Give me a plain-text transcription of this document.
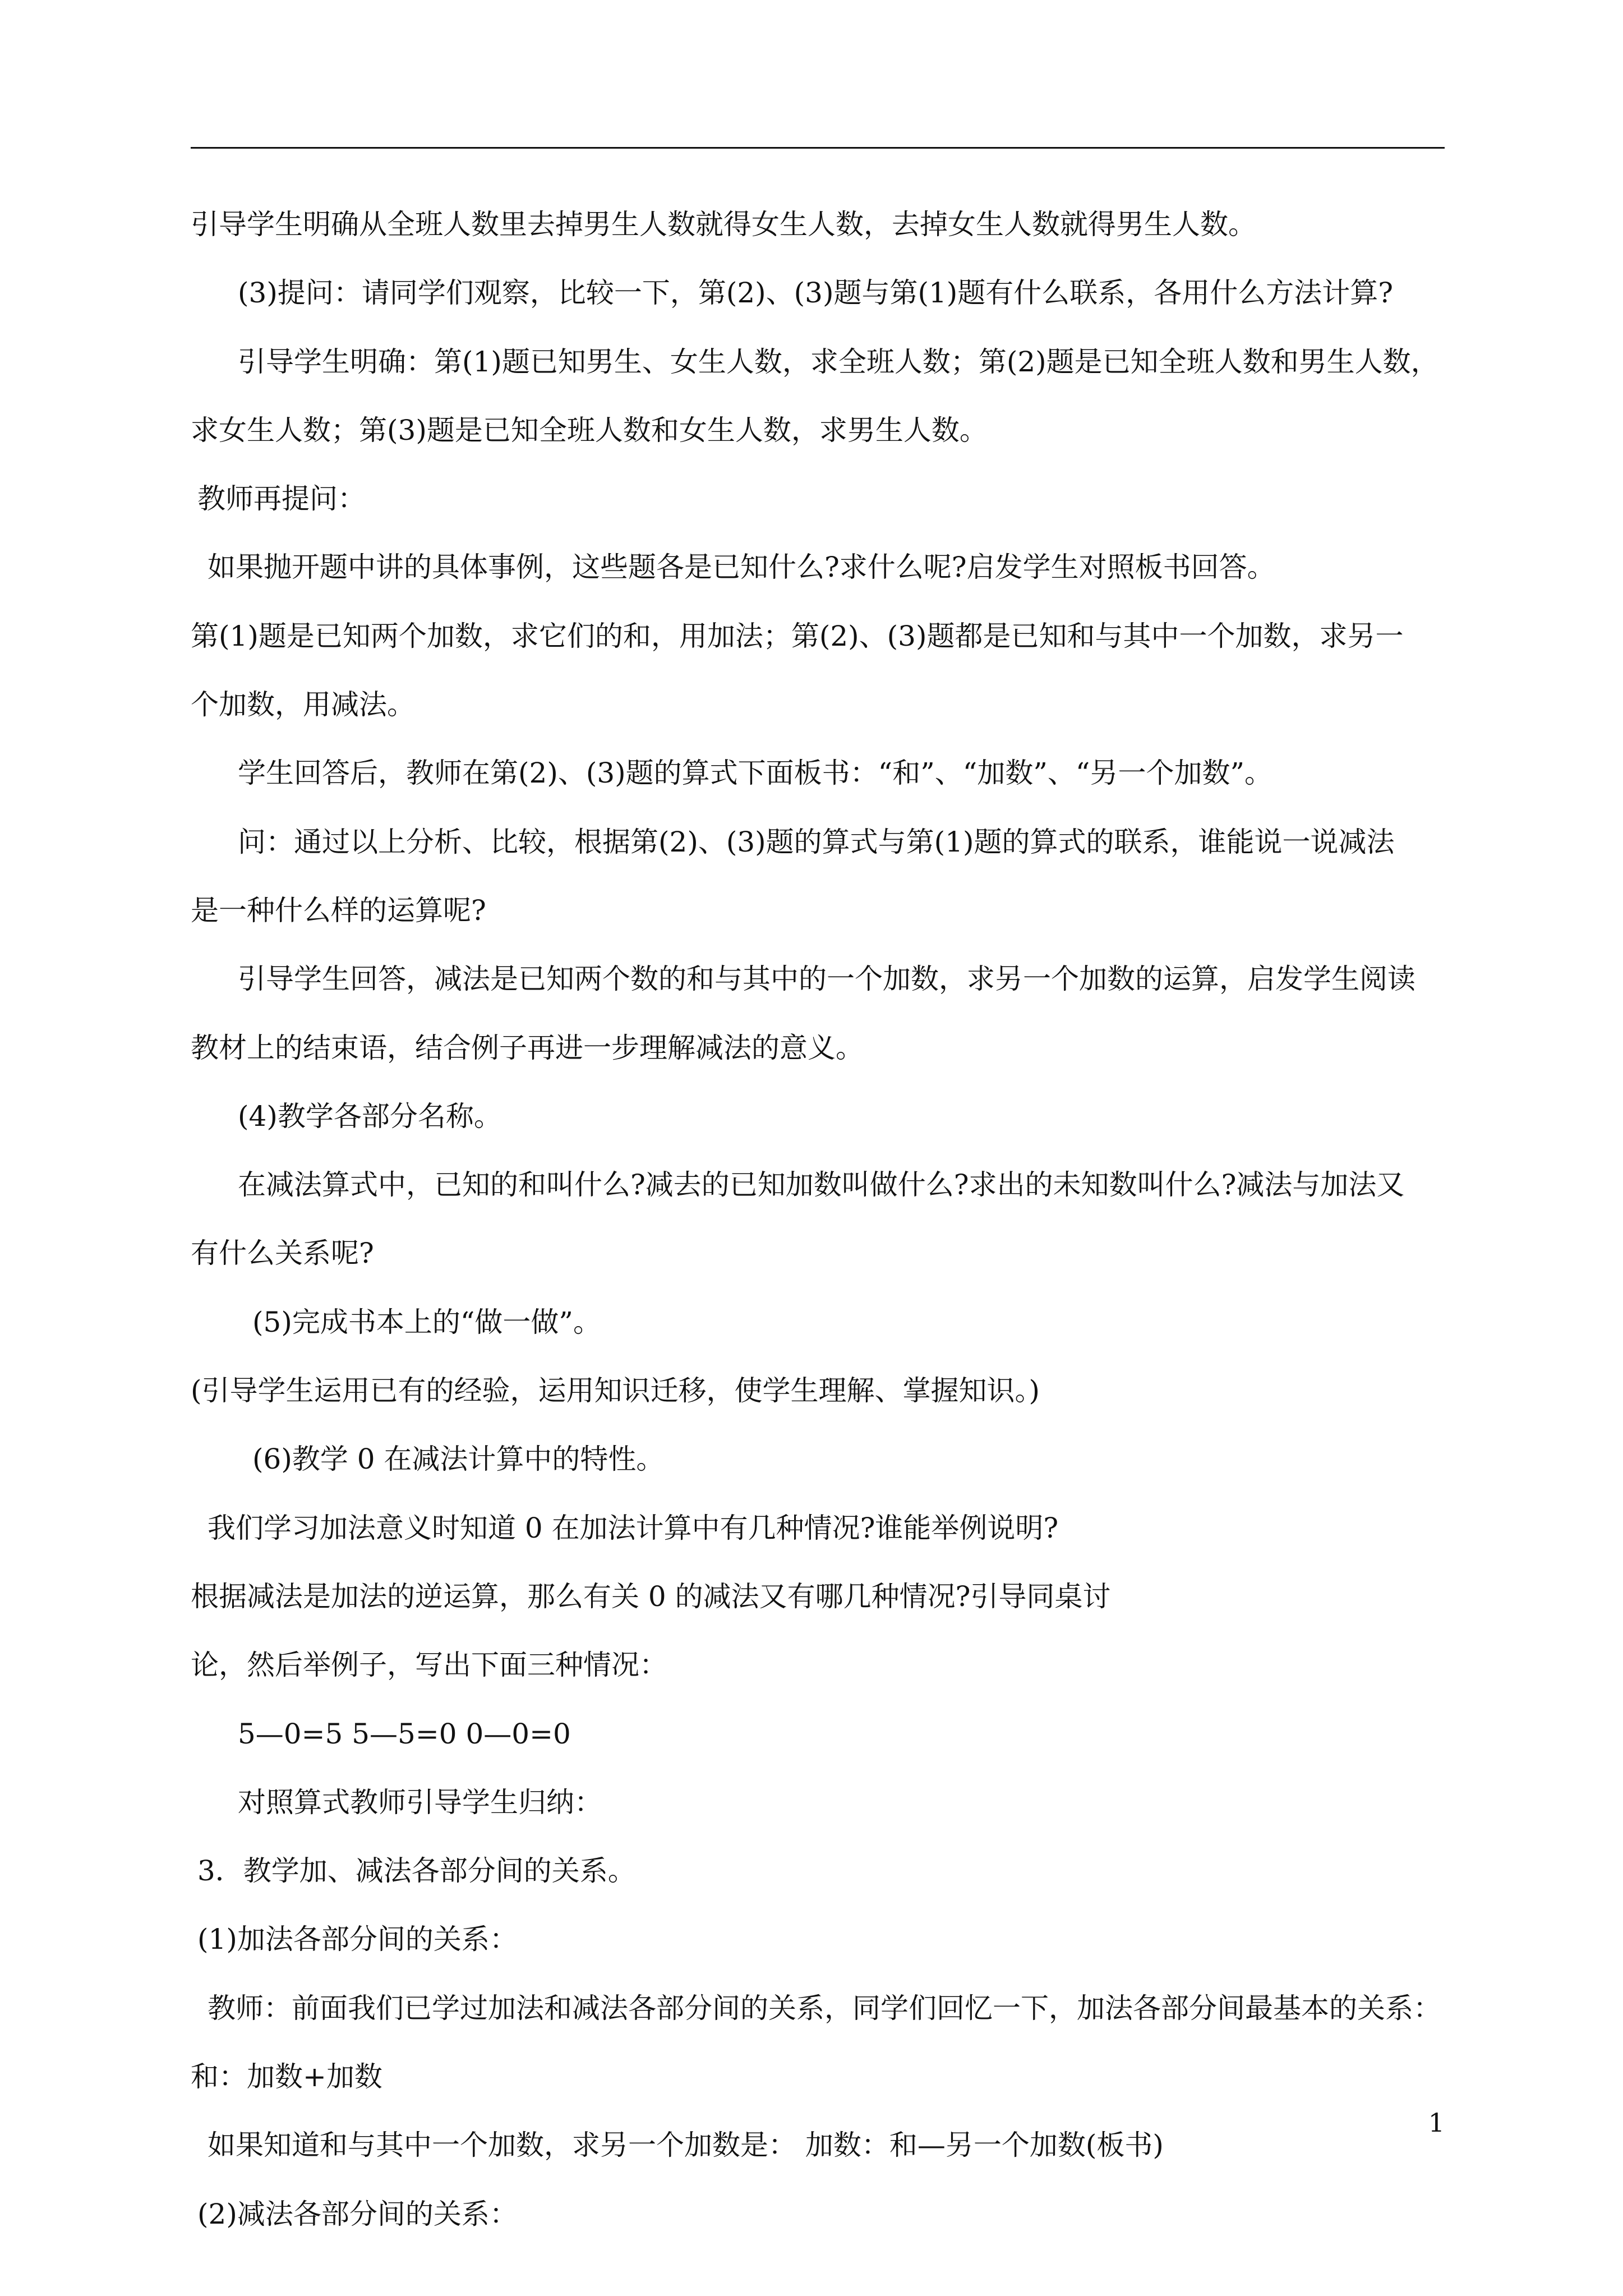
引导学生明确从全班人数里去掉男生人数就得女生人数，去掉女生人数就得男生人数。
(3)提问：请同学们观察，比较一下，第(2)、(3)题与第(1)题有什么联系，各用什么方法计算?
引导学生明确：第(1)题已知男生、女生人数，求全班人数；第(2)题是已知全班人数和男生人数，
求女生人数；第(3)题是已知全班人数和女生人数，求男生人数。
教师再提问：
如果抛开题中讲的具体事例，这些题各是已知什么?求什么呢?启发学生对照板书回答。
第(1)题是已知两个加数，求它们的和，用加法；第(2)、(3)题都是已知和与其中一个加数，求另一
个加数，用减法。
学生回答后，教师在第(2)、(3)题的算式下面板书：“和”、“加数”、“另一个加数”。
问：通过以上分析、比较，根据第(2)、(3)题的算式与第(1)题的算式的联系，谁能说一说减法
是一种什么样的运算呢?
引导学生回答，减法是已知两个数的和与其中的一个加数，求另一个加数的运算，启发学生阅读
教材上的结束语，结合例子再进一步理解减法的意义。
(4)教学各部分名称。
在减法算式中，已知的和叫什么?减去的已知加数叫做什么?求出的未知数叫什么?减法与加法又
有什么关系呢?
(5)完成书本上的“做一做”。
(引导学生运用已有的经验，运用知识迁移，使学生理解、掌握知识。)
(6)教学 0 在减法计算中的特性。
我们学习加法意义时知道 0 在加法计算中有几种情况?谁能举例说明?
根据减法是加法的逆运算，那么有关 0 的减法又有哪几种情况?引导同桌讨
论，然后举例子，写出下面三种情况：
5—0=5 5—5=0 0—0=0
对照算式教师引导学生归纳：
3．教学加、减法各部分间的关系。
(1)加法各部分间的关系：
教师：前面我们已学过加法和减法各部分间的关系，同学们回忆一下，加法各部分间最基本的关系：
和：加数+加数
如果知道和与其中一个加数，求另一个加数是： 加数：和—另一个加数(板书)
(2)减法各部分间的关系：
1
